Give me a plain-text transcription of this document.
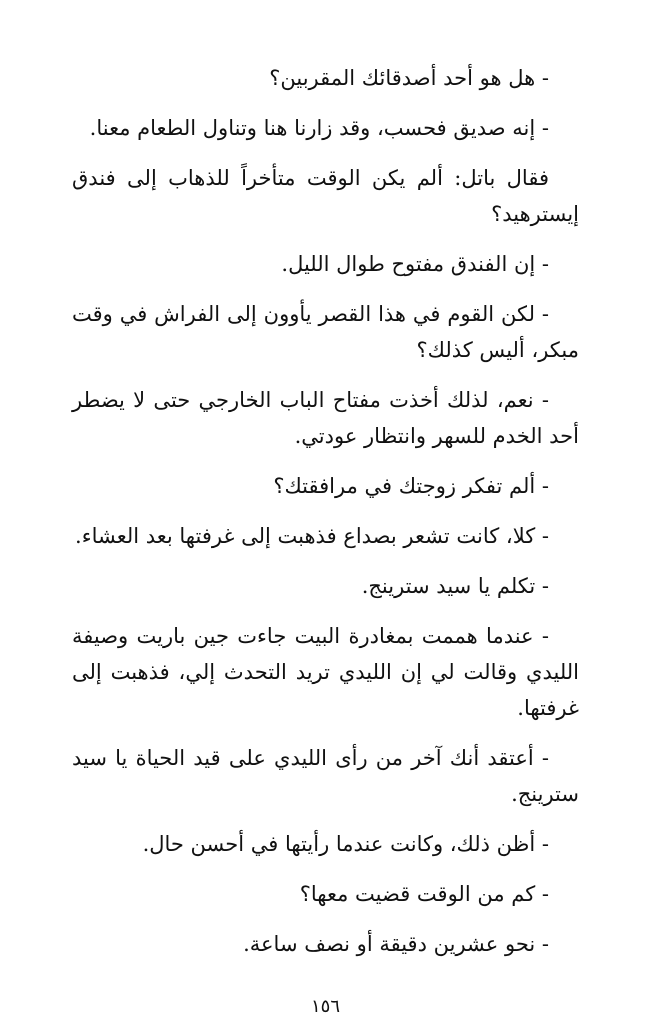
- هل هو أحد أصدقائك المقربين؟

- إنه صديق فحسب، وقد زارنا هنا وتناول الطعام معنا.

فقال باتل: ألم يكن الوقت متأخراً للذهاب إلى فندق إيسترهيد؟

- إن الفندق مفتوح طوال الليل.

- لكن القوم في هذا القصر يأوون إلى الفراش في وقت مبكر، أليس كذلك؟

- نعم، لذلك أخذت مفتاح الباب الخارجي حتى لا يضطر أحد الخدم للسهر وانتظار عودتي.

- ألم تفكر زوجتك في مرافقتك؟

- كلا، كانت تشعر بصداع فذهبت إلى غرفتها بعد العشاء.

- تكلم يا سيد سترينج.

- عندما هممت بمغادرة البيت جاءت جين باريت وصيفة الليدي وقالت لي إن الليدي تريد التحدث إلي، فذهبت إلى غرفتها.

- أعتقد أنك آخر من رأى الليدي على قيد الحياة يا سيد سترينج.

- أظن ذلك، وكانت عندما رأيتها في أحسن حال.

- كم من الوقت قضيت معها؟

- نحو عشرين دقيقة أو نصف ساعة.

١٥٦
